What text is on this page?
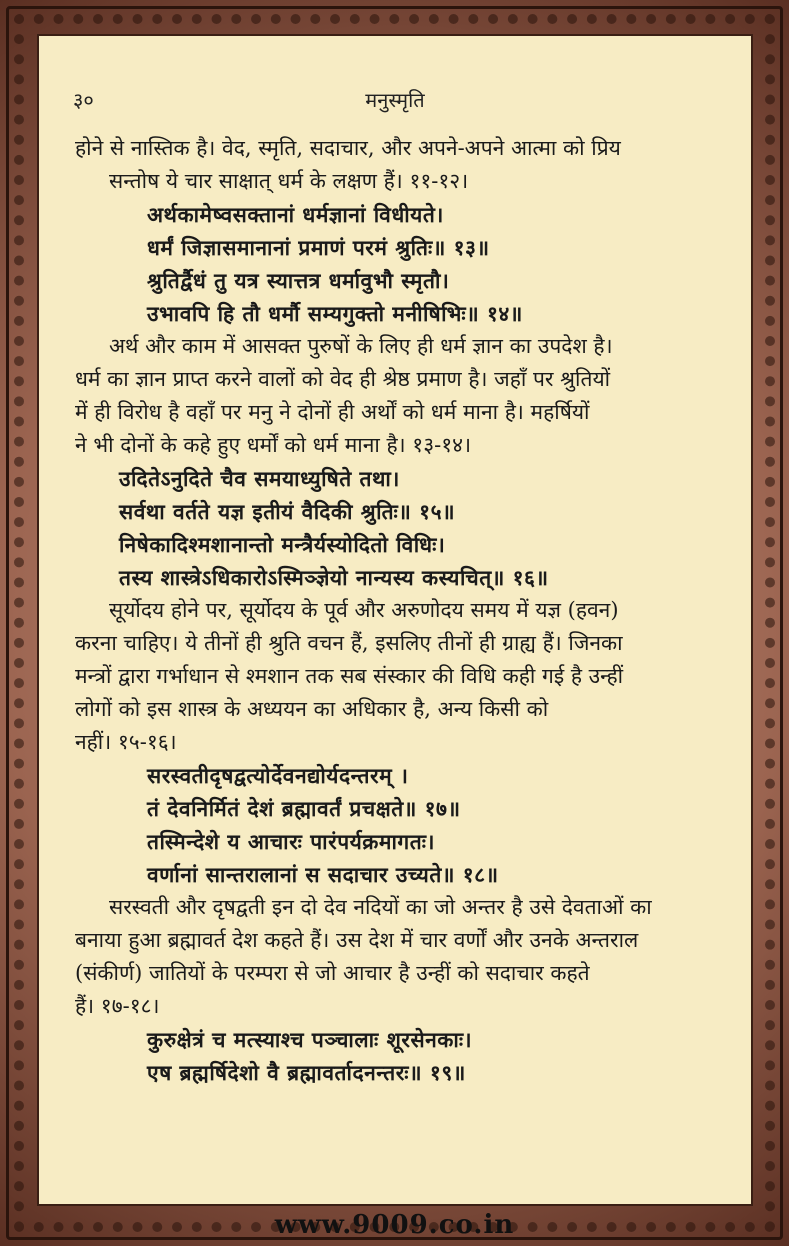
३०	मनुस्मृति
होने से नास्तिक है। वेद, स्मृति, सदाचार, और अपने-अपने आत्मा को प्रिय
सन्तोष ये चार साक्षात् धर्म के लक्षण हैं। ११-१२।
अर्थकामेष्वसक्तानां धर्मज्ञानां विधीयते।
धर्मं जिज्ञासमानानां प्रमाणं परमं श्रुतिः॥ १३॥
श्रुतिर्द्वैधं तु यत्र स्यात्तत्र धर्मावुभौ स्मृतौ।
उभावपि हि तौ धर्मौ सम्यगुक्तो मनीषिभिः॥ १४॥
अर्थ और काम में आसक्त पुरुषों के लिए ही धर्म ज्ञान का उपदेश है।
धर्म का ज्ञान प्राप्त करने वालों को वेद ही श्रेष्ठ प्रमाण है। जहाँ पर श्रुतियों
में ही विरोध है वहाँ पर मनु ने दोनों ही अर्थों को धर्म माना है। महर्षियों
ने भी दोनों के कहे हुए धर्मों को धर्म माना है। १३-१४।
उदितेऽनुदिते चैव समयाध्युषिते तथा।
सर्वथा वर्तते यज्ञ इतीयं वैदिकी श्रुतिः॥ १५॥
निषेकादिश्मशानान्तो मन्त्रैर्यस्योदितो विधिः।
तस्य शास्त्रेऽधिकारोऽस्मिञ्ज्ञेयो नान्यस्य कस्यचित्॥ १६॥
सूर्योदय होने पर, सूर्योदय के पूर्व और अरुणोदय समय में यज्ञ (हवन)
करना चाहिए। ये तीनों ही श्रुति वचन हैं, इसलिए तीनों ही ग्राह्य हैं। जिनका
मन्त्रों द्वारा गर्भाधान से श्मशान तक सब संस्कार की विधि कही गई है उन्हीं
लोगों को इस शास्त्र के अध्ययन का अधिकार है, अन्य किसी को
नहीं। १५-१६।
सरस्वतीदृषद्वत्योर्देवनद्योर्यदन्तरम् ।
तं देवनिर्मितं देशं ब्रह्मावर्तं प्रचक्षते॥ १७॥
तस्मिन्देशे य आचारः पारंपर्यक्रमागतः।
वर्णानां सान्तरालानां स सदाचार उच्यते॥ १८॥
सरस्वती और दृषद्वती इन दो देव नदियों का जो अन्तर है उसे देवताओं का
बनाया हुआ ब्रह्मावर्त देश कहते हैं। उस देश में चार वर्णों और उनके अन्तराल
(संकीर्ण) जातियों के परम्परा से जो आचार है उन्हीं को सदाचार कहते
हैं। १७-१८।
कुरुक्षेत्रं च मत्स्याश्च पञ्चालाः शूरसेनकाः।
एष ब्रह्मर्षिदेशो वै ब्रह्मावर्तादनन्तरः॥ १९॥
www.9009.co.in
